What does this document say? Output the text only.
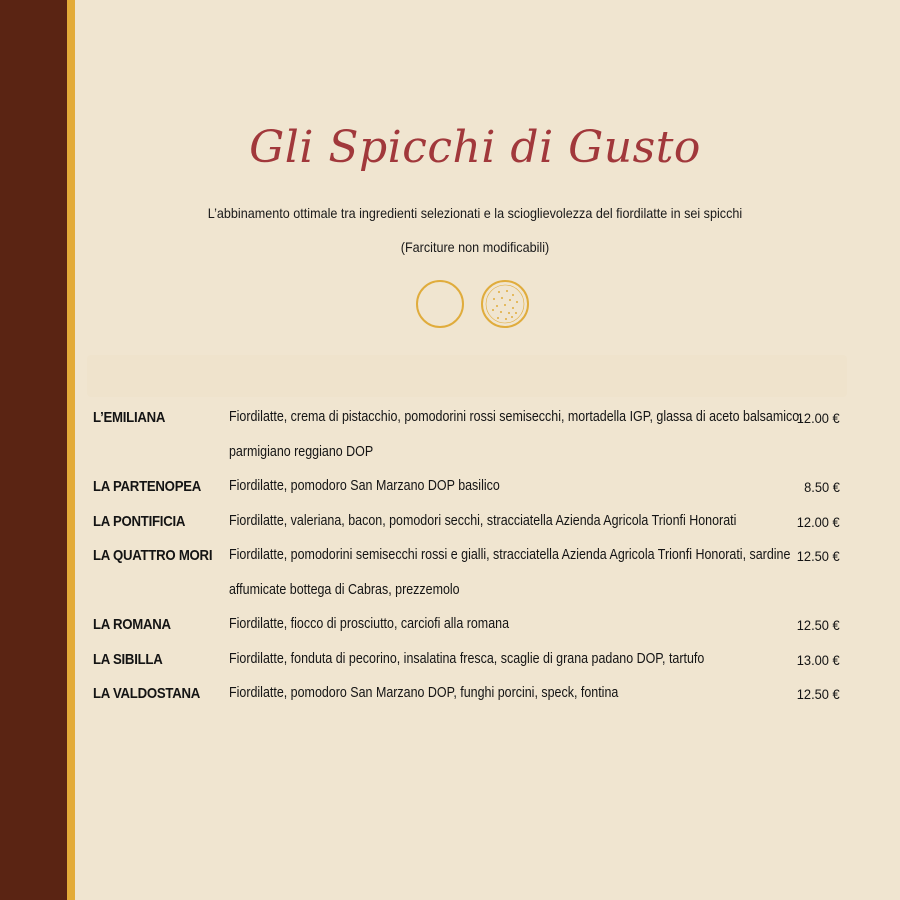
Gli Spicchi di Gusto
L’abbinamento ottimale tra ingredienti selezionati e la scioglievolezza del fiordilatte in sei spicchi
(Farciture non modificabili)
L’EMILIANA	Fiordilatte, crema di pistacchio, pomodorini rossi semisecchi, mortadella IGP, glassa di aceto balsamico, parmigiano reggiano DOP
12.00 €
LA PARTENOPEA Fiordilatte, pomodoro San Marzano DOP basilico	8.50 €
LA PONTIFICIA	Fiordilatte, valeriana, bacon, pomodori secchi, stracciatella Azienda Agricola Trionfi Honorati	12.00 €
LA QUATTRO MORI Fiordilatte, pomodorini semisecchi rossi e gialli, stracciatella Azienda Agricola Trionfi Honorati, sardine affumicate bottega di Cabras, prezzemolo
12.50 €
LA ROMANA	Fiordilatte, fiocco di prosciutto, carciofi alla romana	12.50 €
LA SIBILLA	Fiordilatte, fonduta di pecorino, insalatina fresca, scaglie di grana padano DOP, tartufo	13.00 €
LA VALDOSTANA Fiordilatte, pomodoro San Marzano DOP, funghi porcini, speck, fontina	12.50 €
